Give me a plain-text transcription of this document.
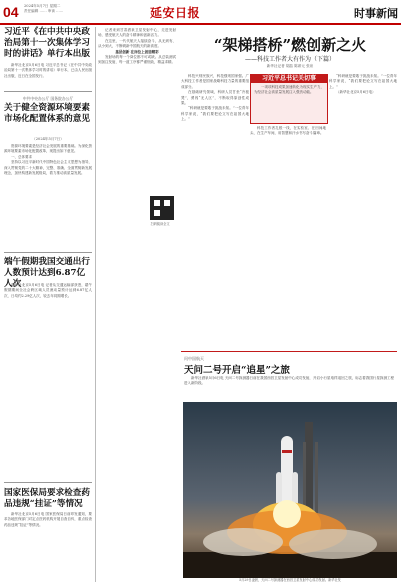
04 2024年5月7日 星期二
责任编辑 …… 审读 ……	延安日报	时事新闻
习近平《在中共中央政治局第十一次集体学习时的讲话》单行本出版

新华社北京5月6日电 习近平总书记《在中共中央政治局第十一次集体学习时的讲话》单行本，已由人民出版社出版，近日在全国发行。

中共中央办公厅 国务院办公厅
关于健全资源环境要素市场化配置体系的意见
（2024年5月7日）

资源环境要素是经济社会发展的重要基础。为深化资源环境要素市场化配置改革，现提出如下意见。

一、总体要求

坚持以习近平新时代中国特色社会主义思想为指导，深入贯彻党的二十大精神，完整、准确、全面贯彻新发展理念，加快构建新发展格局，着力推动高质量发展。

端午假期我国交通出行人数预计达到6.87亿人次

新华社北京5月6日电 记者从交通运输部获悉，端午假期期间全社会跨区域人员流动量预计达到6.87亿人次，日均约2.29亿人次，较去年同期增长。

国家医保局要求检查药品违规“挂证”等情况

新华社北京5月6日电 国家医保局日前印发通知，要求各地医保部门对定点医药机构开展自查自纠，重点检查药品违规“挂证”等情况。

记者来到甘肃酒泉卫星发射中心，走进发射场，感受航天人的奋斗精神和创新活力。

在这里，一代代航天人接续奋斗，从无到有、从小到大，不断刷新中国航天的新高度。

基层创新 在岗位上创造精彩

发射场的每一个岗位都不可或缺。从总装测试到加注发射，每一道工序都严谨细致，精益求精。

扫码阅读全文
“架梯搭桥”燃创新之火
——科技工作者大有作为（下篇）
新华社记者 胡喆 陈席元 张泉

科技兴则民族兴，科技强则国家强。广大科技工作者是国家战略科技力量的重要组成部分。

在基础研究领域，科研人员甘坐“冷板凳”，勇闯“无人区”，不断取得原创性成果。

“科研就是要敢于挑战未知。”一位青年科学家说，“我们要把论文写在祖国大地上。”

习近平总书记关切事

一项项科技成果加速转化为现实生产力，为经济社会高质量发展注入强劲动能。

科技工作者扎根一线，在实验室、在田间地头、在生产车间，用智慧和汗水书写奋斗篇章。

“科研就是要敢于挑战未知。”一位青年科学家说，“我们要把论文写在祖国大地上。”

（新华社北京5月6日电）

问中国航天
天问二号开启“追星”之旅

新华社酒泉5月6日电 天问二号探测器日前在我国西昌卫星发射中心成功发射，开启小行星取样返回之旅，标志着我国行星探测工程进入新阶段。

5月29日凌晨，天问二号探测器在西昌卫星发射中心成功发射。新华社发
